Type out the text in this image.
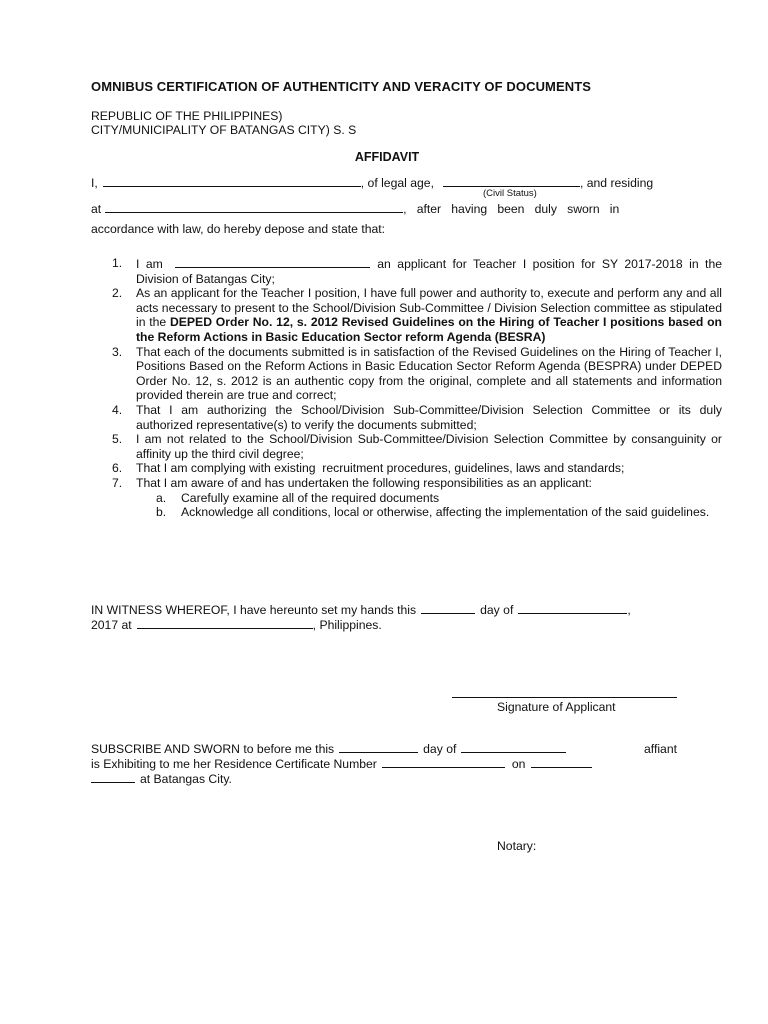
OMNIBUS CERTIFICATION OF AUTHENTICITY AND VERACITY OF DOCUMENTS
REPUBLIC OF THE PHILIPPINES)
CITY/MUNICIPALITY OF BATANGAS CITY) S. S
AFFIDAVIT
I,	, of legal age,	, and residing
(Civil Status)
at	,   after   having   been   duly   sworn   in
accordance with law, do hereby depose and state that:
1. I am	an applicant for Teacher I position for SY 2017-2018 in the Division of Batangas City;
2. As an applicant for the Teacher I position, I have full power and authority to, execute and perform any and all acts necessary to present to the School/Division Sub-Committee / Division Selection committee as stipulated in the DEPED Order No. 12, s. 2012 Revised Guidelines on the Hiring of Teacher I positions based on the Reform Actions in Basic Education Sector reform Agenda (BESRA)
3. That each of the documents submitted is in satisfaction of the Revised Guidelines on the Hiring of Teacher I, Positions Based on the Reform Actions in Basic Education Sector Reform Agenda (BESPRA) under DEPED Order No. 12, s. 2012 is an authentic copy from the original, complete and all statements and information provided therein are true and correct;
4. That I am authorizing the School/Division Sub-Committee/Division Selection Committee or its duly authorized representative(s) to verify the documents submitted;
5. I am not related to the School/Division Sub-Committee/Division Selection Committee by consanguinity or affinity up the third civil degree;
6. That I am complying with existing  recruitment procedures, guidelines, laws and standards;
7. That I am aware of and has undertaken the following responsibilities as an applicant:
a. Carefully examine all of the required documents
b. Acknowledge all conditions, local or otherwise, affecting the implementation of the said guidelines.
IN WITNESS WHEREOF, I have hereunto set my hands this	day of	,
2017 at	, Philippines.
Signature of Applicant
SUBSCRIBE AND SWORN to before me this	day of	affiant
is Exhibiting to me her Residence Certificate Number	on
at Batangas City.
Notary:
